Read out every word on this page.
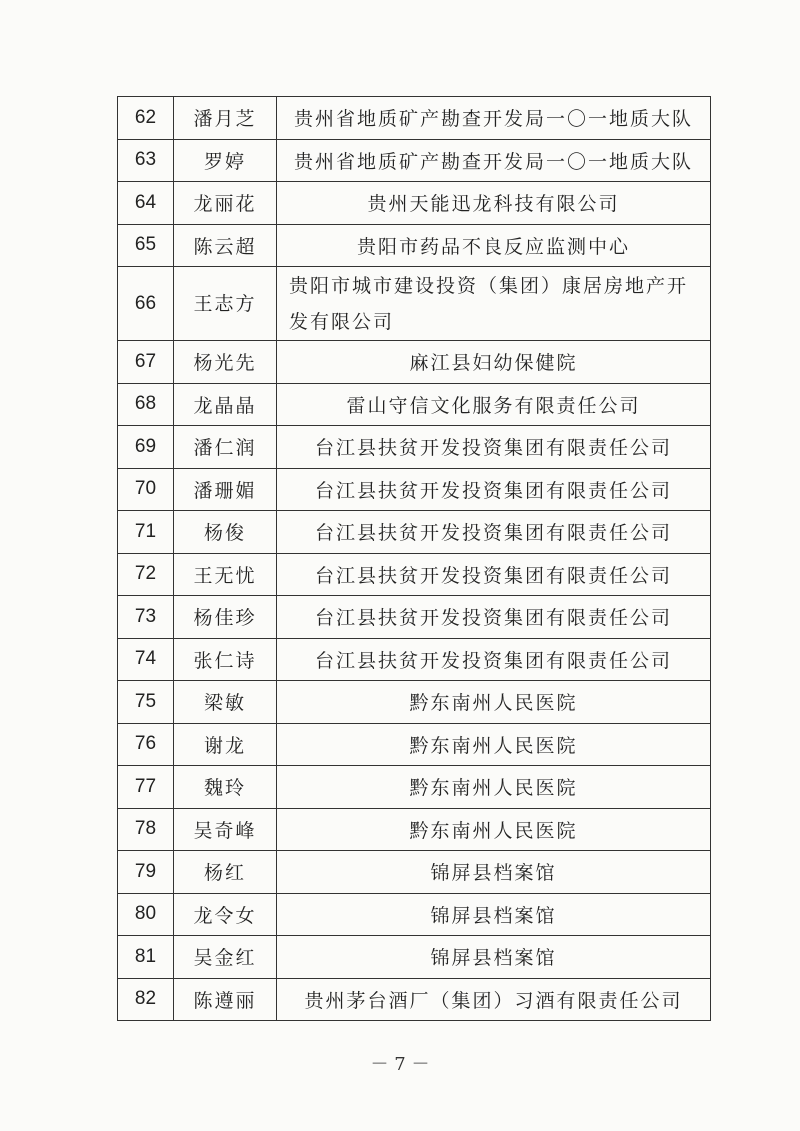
62	潘月芝	贵州省地质矿产勘查开发局一〇一地质大队
63	罗婷	贵州省地质矿产勘查开发局一〇一地质大队
64	龙丽花	贵州天能迅龙科技有限公司
65	陈云超	贵阳市药品不良反应监测中心
66	王志方	贵阳市城市建设投资（集团）康居房地产开发有限公司
67	杨光先	麻江县妇幼保健院
68	龙晶晶	雷山守信文化服务有限责任公司
69	潘仁润	台江县扶贫开发投资集团有限责任公司
70	潘珊媚	台江县扶贫开发投资集团有限责任公司
71	杨俊	台江县扶贫开发投资集团有限责任公司
72	王无忧	台江县扶贫开发投资集团有限责任公司
73	杨佳珍	台江县扶贫开发投资集团有限责任公司
74	张仁诗	台江县扶贫开发投资集团有限责任公司
75	梁敏	黔东南州人民医院
76	谢龙	黔东南州人民医院
77	魏玲	黔东南州人民医院
78	吴奇峰	黔东南州人民医院
79	杨红	锦屏县档案馆
80	龙令女	锦屏县档案馆
81	吴金红	锦屏县档案馆
82	陈遵丽	贵州茅台酒厂（集团）习酒有限责任公司
－ 7 －
